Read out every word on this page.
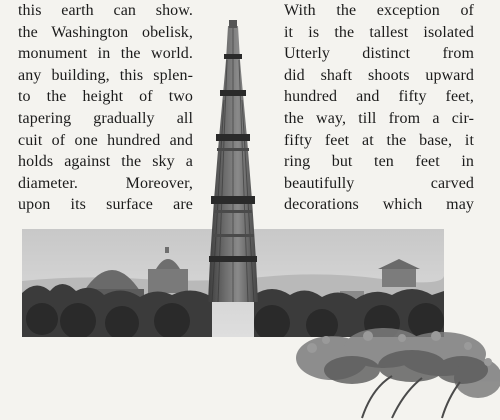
this earth can show.
the Washington obelisk,
monument in the world.
any building, this splen-
to the height of two
tapering gradually all
cuit of one hundred and
holds against the sky a
diameter. Moreover,
upon its surface are
With the exception of
it is the tallest isolated
Utterly distinct from
did shaft shoots upward
hundred and fifty feet,
the way, till from a cir-
fifty feet at the base, it
ring but ten feet in
beautifully carved
decorations which may
